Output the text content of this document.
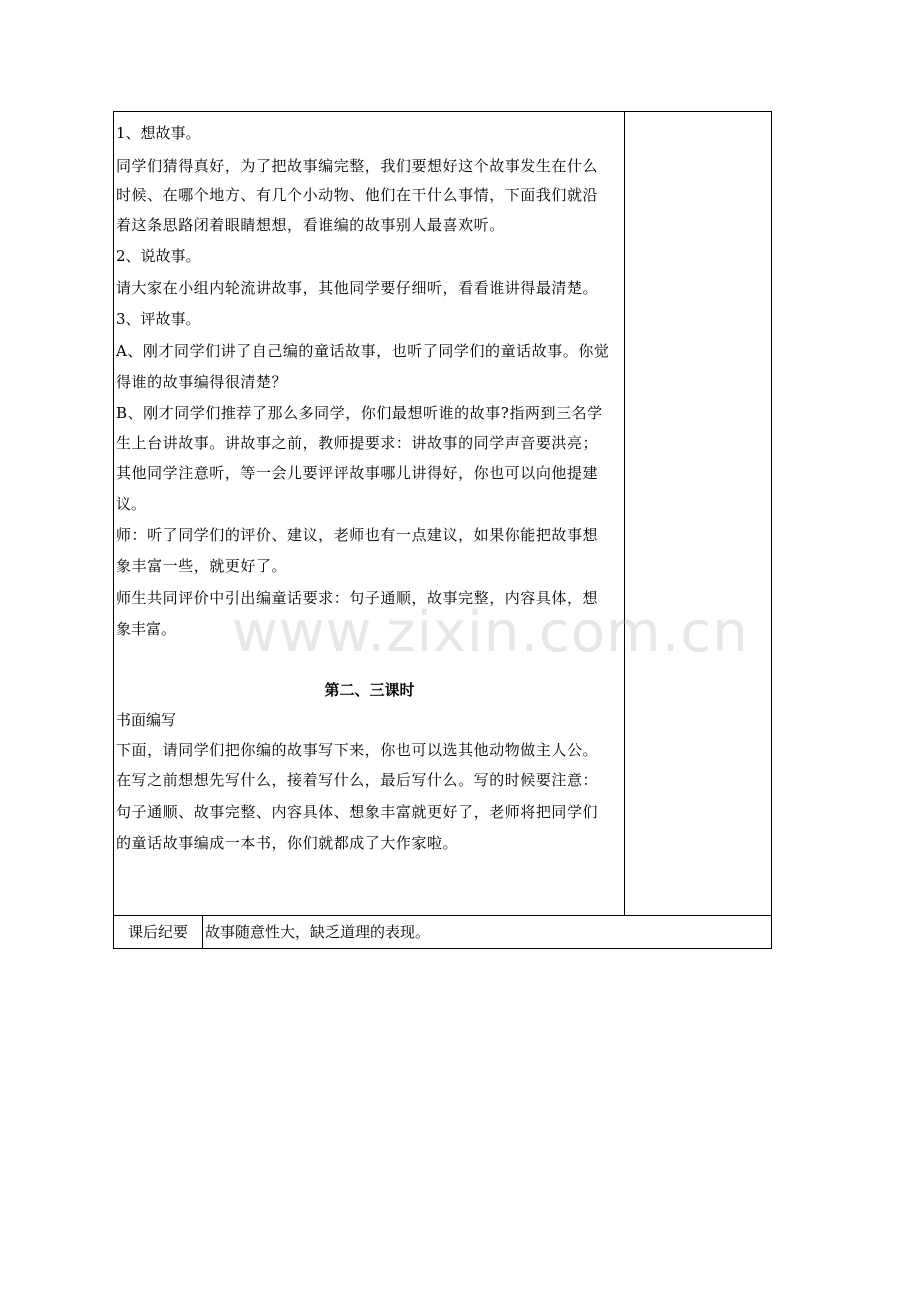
1、想故事。
同学们猜得真好，为了把故事编完整，我们要想好这个故事发生在什么
时候、在哪个地方、有几个小动物、他们在干什么事情，下面我们就沿
着这条思路闭着眼睛想想，看谁编的故事别人最喜欢听。
2、说故事。
请大家在小组内轮流讲故事，其他同学要仔细听，看看谁讲得最清楚。
3、评故事。
A、刚才同学们讲了自己编的童话故事，也听了同学们的童话故事。你觉
得谁的故事编得很清楚？
B、刚才同学们推荐了那么多同学，你们最想听谁的故事?指两到三名学
生上台讲故事。讲故事之前，教师提要求：讲故事的同学声音要洪亮；
其他同学注意听，等一会儿要评评故事哪儿讲得好，你也可以向他提建
议。
师：听了同学们的评价、建议，老师也有一点建议，如果你能把故事想
象丰富一些，就更好了。
师生共同评价中引出编童话要求：句子通顺，故事完整，内容具体，想
象丰富。
第二、三课时
书面编写
下面，请同学们把你编的故事写下来，你也可以选其他动物做主人公。
在写之前想想先写什么，接着写什么，最后写什么。写的时候要注意：
句子通顺、故事完整、内容具体、想象丰富就更好了，老师将把同学们
的童话故事编成一本书，你们就都成了大作家啦。
课后纪要	故事随意性大，缺乏道理的表现。
www.zixin.com.cn
